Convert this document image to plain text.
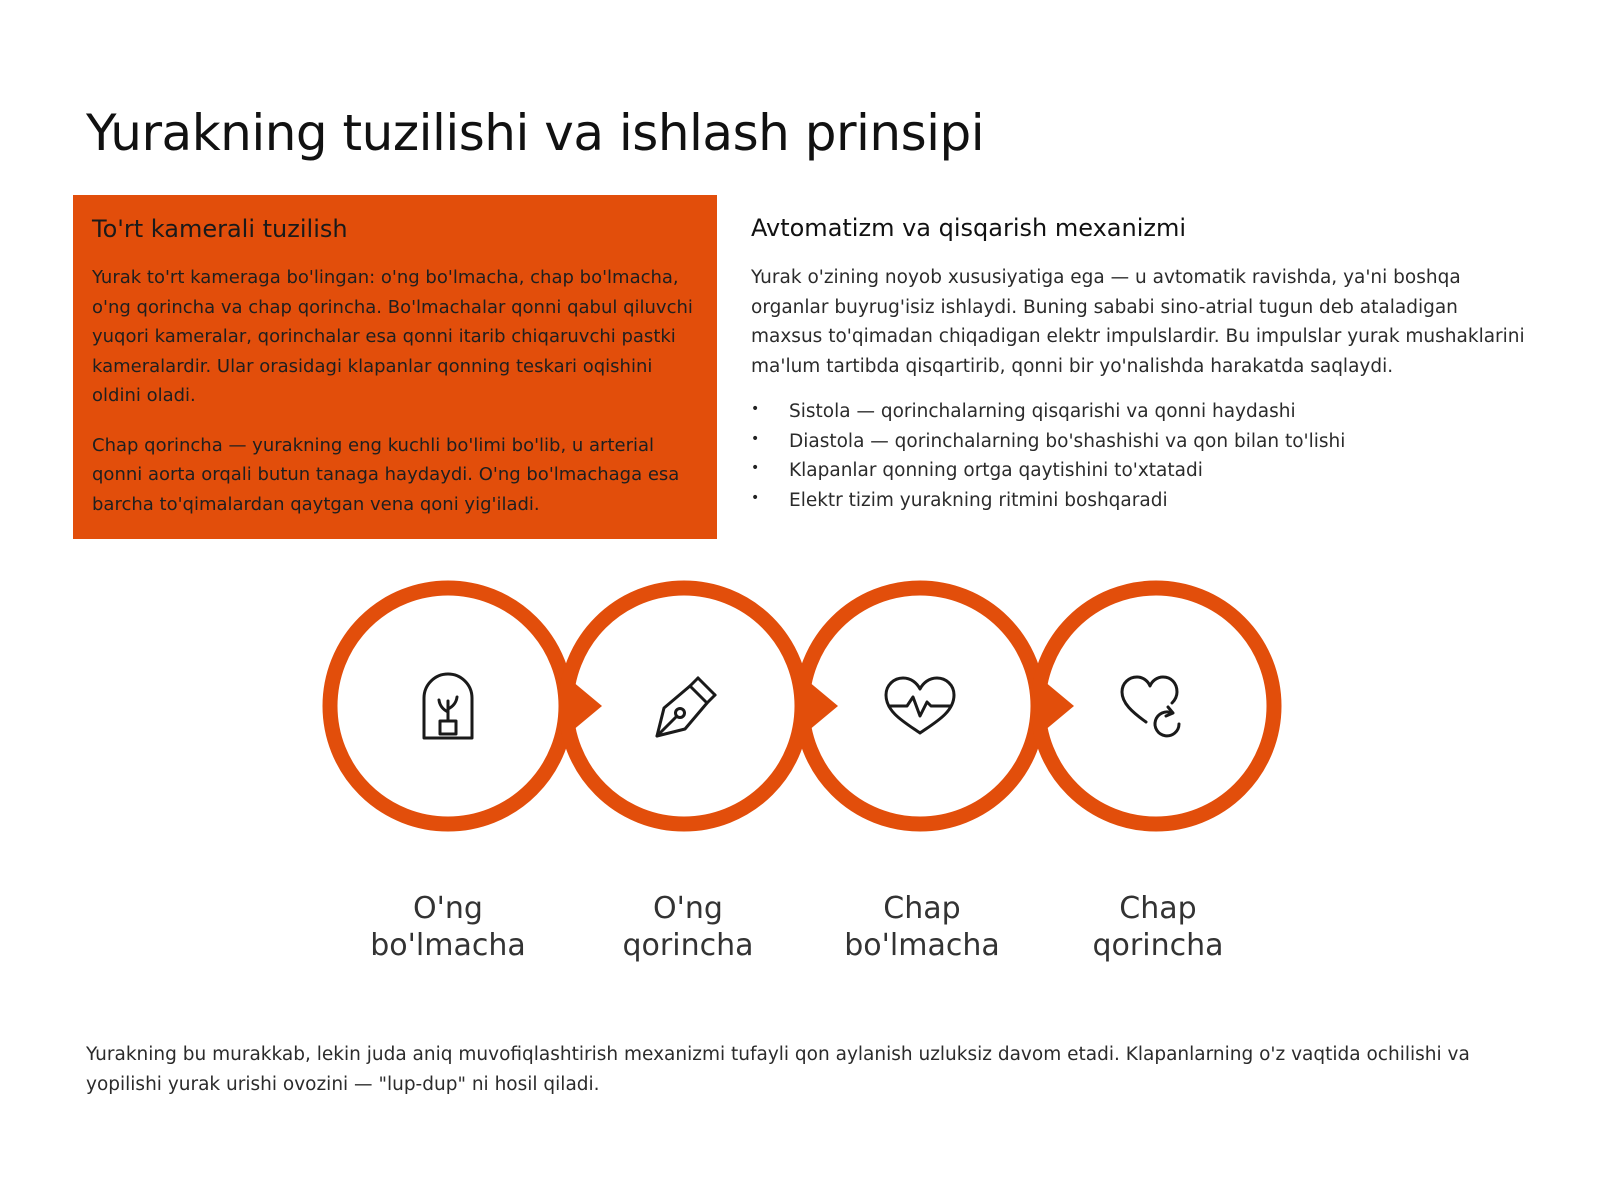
Yurakning tuzilishi va ishlash prinsipi
To'rt kamerali tuzilish

Yurak to'rt kameraga bo'lingan: o'ng bo'lmacha, chap bo'lmacha, o'ng qorincha va chap qorincha. Bo'lmachalar qonni qabul qiluvchi yuqori kameralar, qorinchalar esa qonni itarib chiqaruvchi pastki kameralardir. Ular orasidagi klapanlar qonning teskari oqishini oldini oladi.

Chap qorincha — yurakning eng kuchli bo'limi bo'lib, u arterial qonni aorta orqali butun tanaga haydaydi. O'ng bo'lmachaga esa barcha to'qimalardan qaytgan vena qoni yig'iladi.

Avtomatizm va qisqarish mexanizmi

Yurak o'zining noyob xususiyatiga ega — u avtomatik ravishda, ya'ni boshqa organlar buyrug'isiz ishlaydi. Buning sababi sino-atrial tugun deb ataladigan maxsus to'qimadan chiqadigan elektr impulslardir. Bu impulslar yurak mushaklarini ma'lum tartibda qisqartirib, qonni bir yo'nalishda harakatda saqlaydi.

• Sistola — qorinchalarning qisqarishi va qonni haydashi
• Diastola — qorinchalarning bo'shashishi va qon bilan to'lishi
• Klapanlar qonning ortga qaytishini to'xtatadi
• Elektr tizim yurakning ritmini boshqaradi
O'ng
bo'lmacha
O'ng
qorincha
Chap
bo'lmacha
Chap
qorincha

Yurakning bu murakkab, lekin juda aniq muvofiqlashtirish mexanizmi tufayli qon aylanish uzluksiz davom etadi. Klapanlarning o'z vaqtida ochilishi va yopilishi yurak urishi ovozini — "lup-dup" ni hosil qiladi.
